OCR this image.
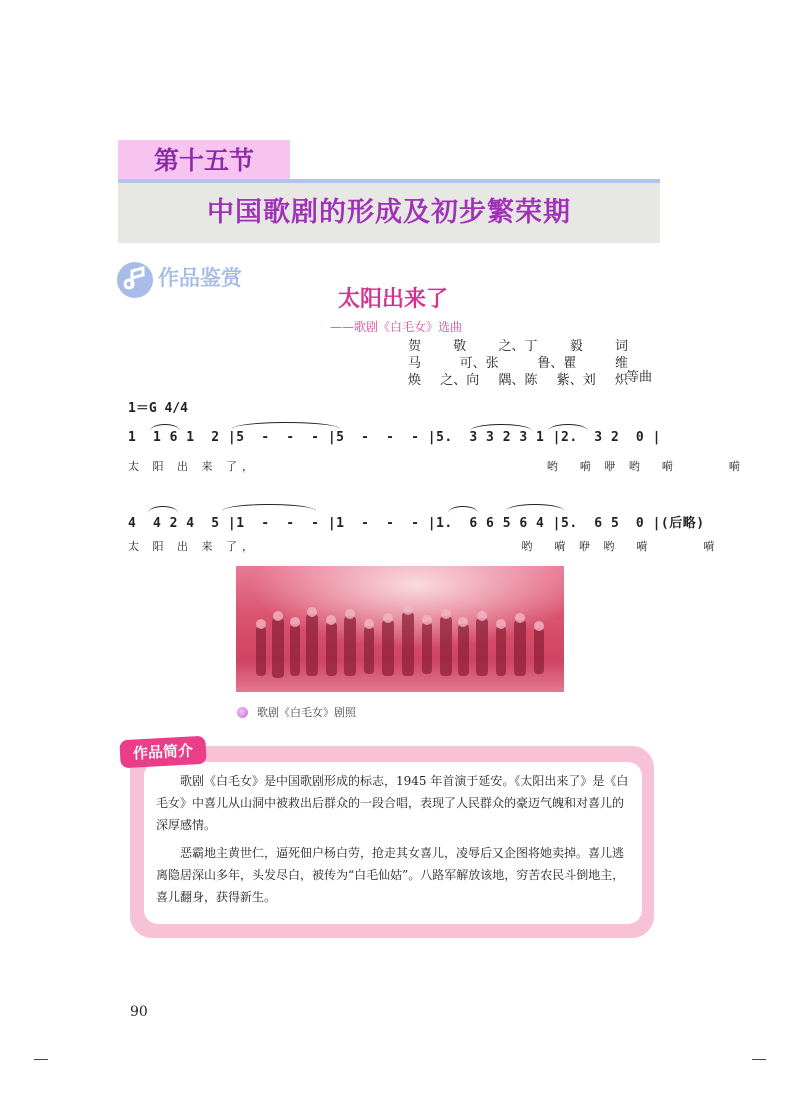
第十五节
中国歌剧的形成及初步繁荣期
作品鉴赏
太阳出来了
——歌剧《白毛女》选曲
贺 敬 之、丁 毅 词
马	可、张	鲁、瞿	维
焕 之、向 隅、陈 紫、刘 炽
等曲
1＝G 4/4
1  1 6 1  2 |5  -  -  - |5  -  -  - |5.  3 3 2 3 1 |2.  3 2  0 |
太 阳 出 来 了，                                  哟  嗬 咿 哟  嗬      嗬
4  4 2 4  5 |1  -  -  - |1  -  -  - |1.  6 6 5 6 4 |5.  6 5  0 |(后略)
太 阳 出 来 了，                               哟  嗬 咿 哟  嗬      嗬
歌剧《白毛女》剧照
作品简介

歌剧《白毛女》是中国歌剧形成的标志，1945 年首演于延安。《太阳出来了》是《白毛女》中喜儿从山洞中被救出后群众的一段合唱，表现了人民群众的豪迈气魄和对喜儿的深厚感情。

恶霸地主黄世仁，逼死佃户杨白劳，抢走其女喜儿，凌辱后又企图将她卖掉。喜儿逃离隐居深山多年，头发尽白，被传为“白毛仙姑”。八路军解放该地，穷苦农民斗倒地主，喜儿翻身，获得新生。

90
